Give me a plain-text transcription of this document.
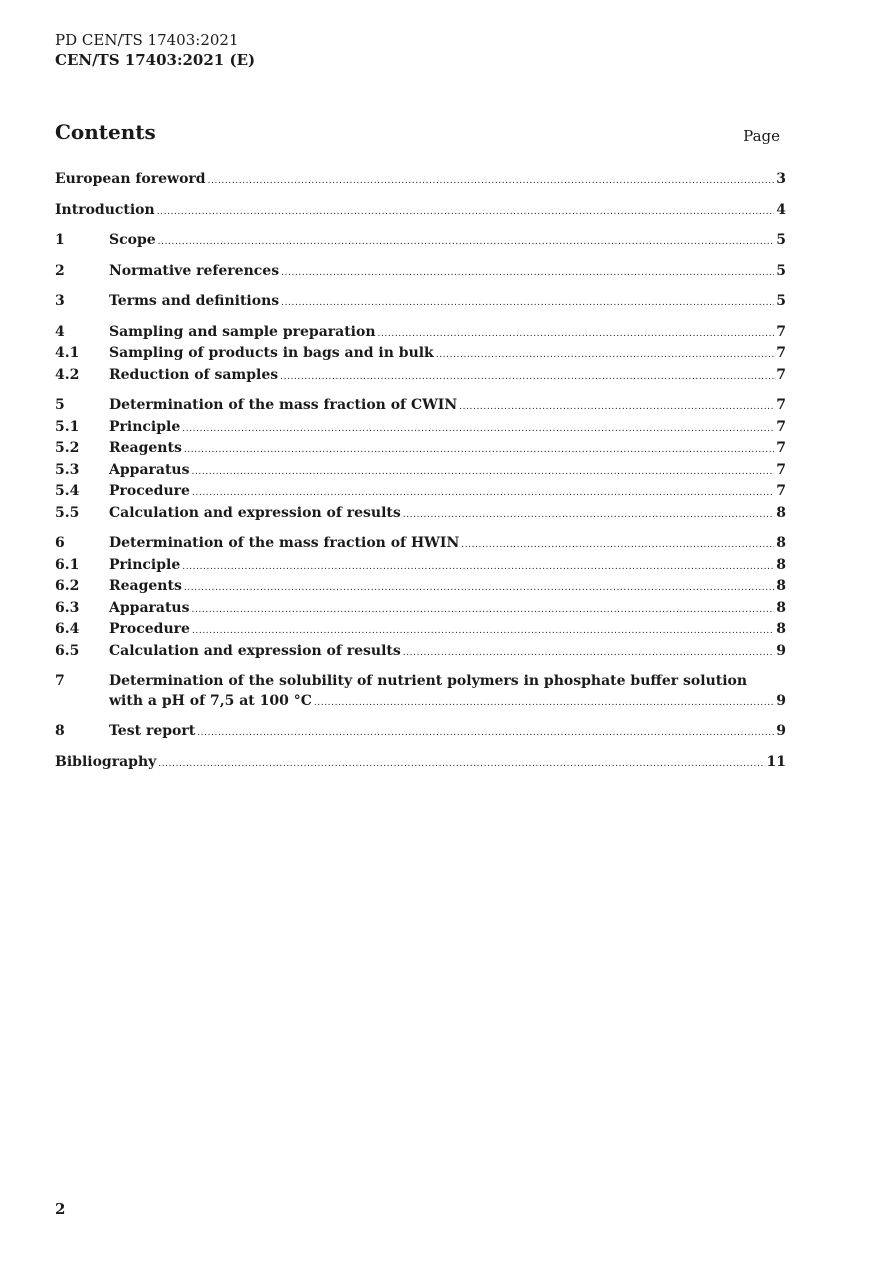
PD CEN/TS 17403:2021
CEN/TS 17403:2021 (E)
Contents	Page
European foreword .....	3
Introduction .....	4
1	Scope .....	5
2	Normative references .....	5
3	Terms and definitions .....	5
4	Sampling and sample preparation .....	7
4.1	Sampling of products in bags and in bulk .....	7
4.2	Reduction of samples .....	7
5	Determination of the mass fraction of CWIN .....	7
5.1	Principle .....	7
5.2	Reagents .....	7
5.3	Apparatus .....	7
5.4	Procedure .....	7
5.5	Calculation and expression of results .....	8
6	Determination of the mass fraction of HWIN .....	8
6.1	Principle .....	8
6.2	Reagents .....	8
6.3	Apparatus .....	8
6.4	Procedure .....	8
6.5	Calculation and expression of results .....	9
7	Determination of the solubility of nutrient polymers in phosphate buffer solution
with a pH of 7,5 at 100 °C .....	9
8	Test report .....	9
Bibliography .....	11
2
